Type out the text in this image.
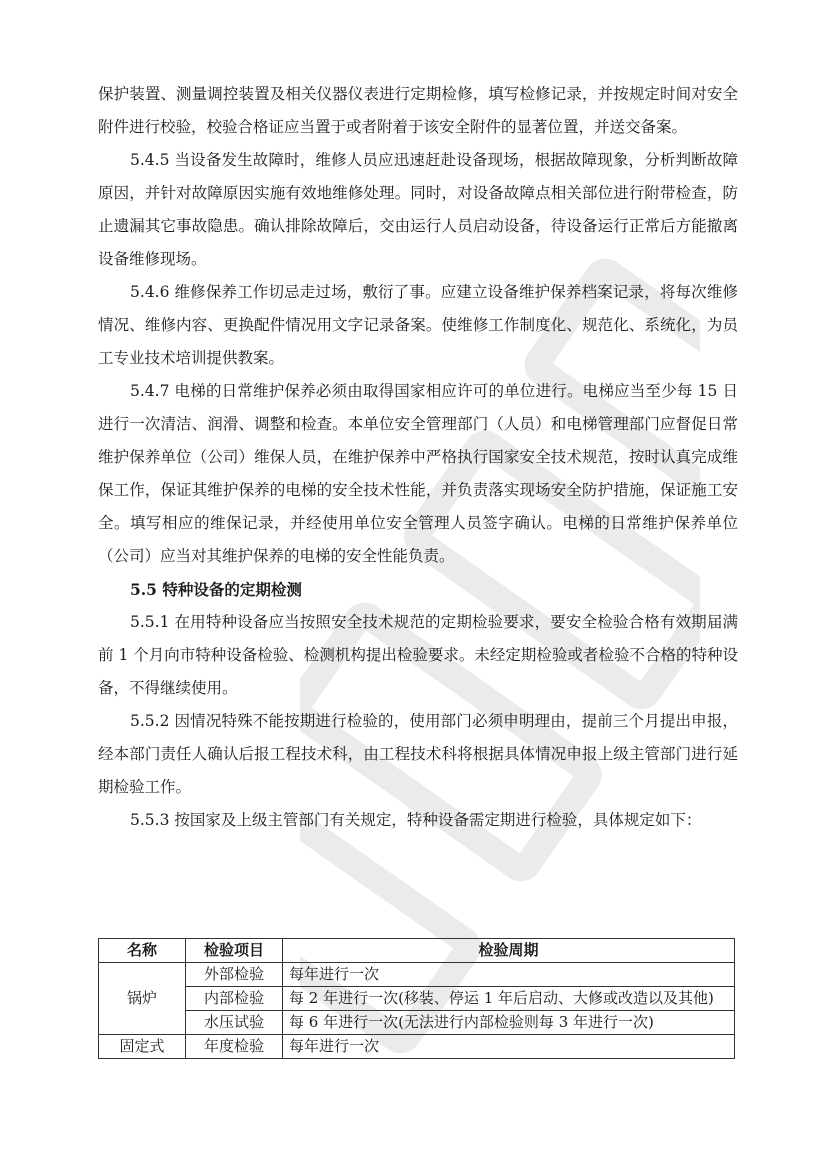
保护装置、测量调控装置及相关仪器仪表进行定期检修，填写检修记录，并按规定时间对安全附件进行校验，校验合格证应当置于或者附着于该安全附件的显著位置，并送交备案。

5.4.5 当设备发生故障时，维修人员应迅速赶赴设备现场，根据故障现象，分析判断故障原因，并针对故障原因实施有效地维修处理。同时，对设备故障点相关部位进行附带检查，防止遗漏其它事故隐患。确认排除故障后，交由运行人员启动设备，待设备运行正常后方能撤离设备维修现场。

5.4.6 维修保养工作切忌走过场，敷衍了事。应建立设备维护保养档案记录，将每次维修情况、维修内容、更换配件情况用文字记录备案。使维修工作制度化、规范化、系统化，为员工专业技术培训提供教案。

5.4.7 电梯的日常维护保养必须由取得国家相应许可的单位进行。电梯应当至少每 15 日进行一次清洁、润滑、调整和检查。本单位安全管理部门（人员）和电梯管理部门应督促日常维护保养单位（公司）维保人员，在维护保养中严格执行国家安全技术规范，按时认真完成维保工作，保证其维护保养的电梯的安全技术性能，并负责落实现场安全防护措施，保证施工安全。填写相应的维保记录，并经使用单位安全管理人员签字确认。电梯的日常维护保养单位（公司）应当对其维护保养的电梯的安全性能负责。

5.5 特种设备的定期检测

5.5.1 在用特种设备应当按照安全技术规范的定期检验要求，要安全检验合格有效期届满前 1 个月向市特种设备检验、检测机构提出检验要求。未经定期检验或者检验不合格的特种设备，不得继续使用。

5.5.2 因情况特殊不能按期进行检验的，使用部门必须申明理由，提前三个月提出申报，经本部门责任人确认后报工程技术科，由工程技术科将根据具体情况申报上级主管部门进行延期检验工作。

5.5.3 按国家及上级主管部门有关规定，特种设备需定期进行检验，具体规定如下：

名称	检验项目	检验周期
锅炉	外部检验	每年进行一次
	内部检验	每 2 年进行一次(移装、停运 1 年后启动、大修或改造以及其他)
	水压试验	每 6 年进行一次(无法进行内部检验则每 3 年进行一次)
固定式	年度检验	每年进行一次
